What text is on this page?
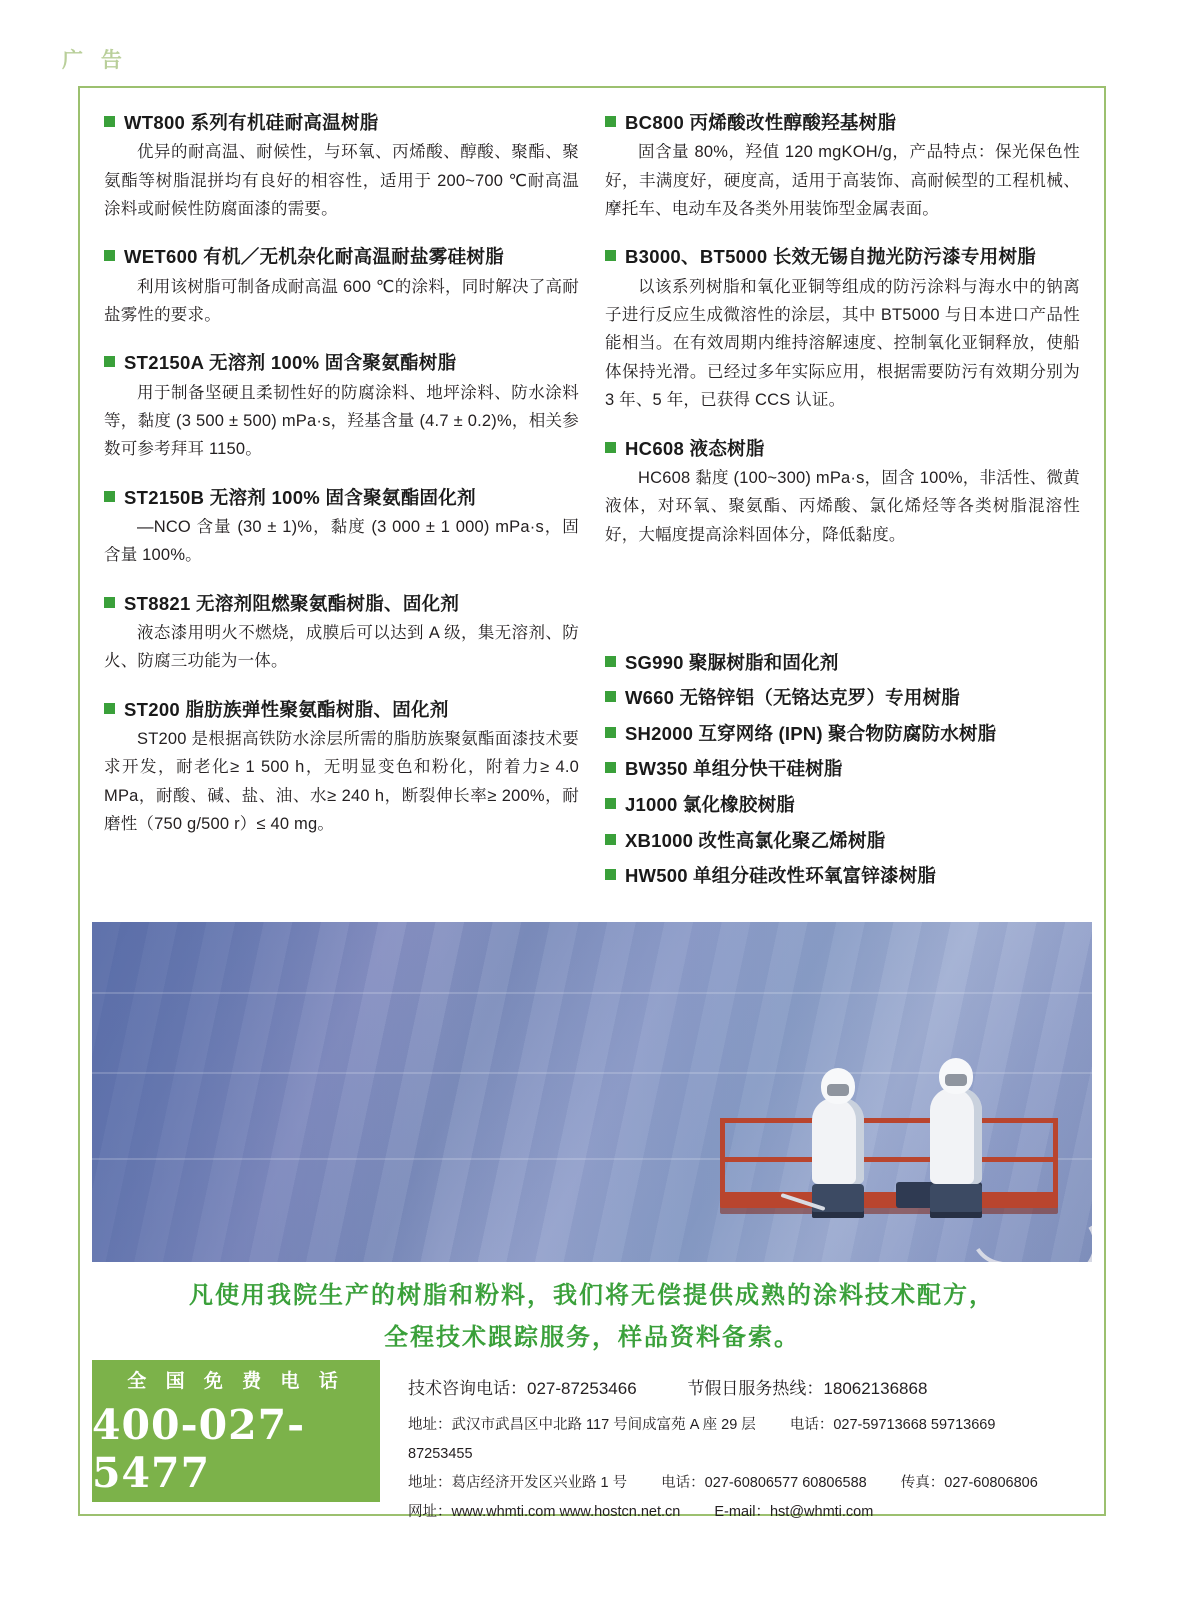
广 告
WT800 系列有机硅耐高温树脂
优异的耐高温、耐候性，与环氧、丙烯酸、醇酸、聚酯、聚氨酯等树脂混拼均有良好的相容性，适用于 200~700 ℃耐高温涂料或耐候性防腐面漆的需要。
WET600 有机／无机杂化耐高温耐盐雾硅树脂
利用该树脂可制备成耐高温 600 ℃的涂料，同时解决了高耐盐雾性的要求。
ST2150A 无溶剂 100% 固含聚氨酯树脂
用于制备坚硬且柔韧性好的防腐涂料、地坪涂料、防水涂料等，黏度 (3 500 ± 500) mPa·s，羟基含量 (4.7 ± 0.2)%，相关参数可参考拜耳 1150。
ST2150B 无溶剂 100% 固含聚氨酯固化剂
—NCO 含量 (30 ± 1)%，黏度 (3 000 ± 1 000) mPa·s，固含量 100%。
ST8821 无溶剂阻燃聚氨酯树脂、固化剂
液态漆用明火不燃烧，成膜后可以达到 A 级，集无溶剂、防火、防腐三功能为一体。
ST200 脂肪族弹性聚氨酯树脂、固化剂
ST200 是根据高铁防水涂层所需的脂肪族聚氨酯面漆技术要求开发，耐老化≥ 1 500 h，无明显变色和粉化，附着力≥ 4.0 MPa，耐酸、碱、盐、油、水≥ 240 h，断裂伸长率≥ 200%，耐磨性（750 g/500 r）≤ 40 mg。
BC800 丙烯酸改性醇酸羟基树脂
固含量 80%，羟值 120 mgKOH/g，产品特点：保光保色性好，丰满度好，硬度高，适用于高装饰、高耐候型的工程机械、摩托车、电动车及各类外用装饰型金属表面。
B3000、BT5000 长效无锡自抛光防污漆专用树脂
以该系列树脂和氧化亚铜等组成的防污涂料与海水中的钠离子进行反应生成微溶性的涂层，其中 BT5000 与日本进口产品性能相当。在有效周期内维持溶解速度、控制氧化亚铜释放，使船体保持光滑。已经过多年实际应用，根据需要防污有效期分别为 3 年、5 年，已获得 CCS 认证。
HC608 液态树脂
HC608 黏度 (100~300) mPa·s，固含 100%，非活性、微黄液体，对环氧、聚氨酯、丙烯酸、氯化烯烃等各类树脂混溶性好，大幅度提高涂料固体分，降低黏度。
SG990 聚脲树脂和固化剂
W660 无铬锌铝（无铬达克罗）专用树脂
SH2000 互穿网络 (IPN) 聚合物防腐防水树脂
BW350 单组分快干硅树脂
J1000 氯化橡胶树脂
XB1000 改性高氯化聚乙烯树脂
HW500 单组分硅改性环氧富锌漆树脂
凡使用我院生产的树脂和粉料，我们将无偿提供成熟的涂料技术配方，
全程技术跟踪服务，样品资料备索。
全 国 免 费 电 话
400-027-5477
技术咨询电话：027-87253466	节假日服务热线：18062136868
地址：武汉市武昌区中北路 117 号间成富苑 A 座 29 层 电话：027-59713668 59713669 87253455
地址：葛店经济开发区兴业路 1 号 电话：027-60806577 60806588 传真：027-60806806
网址：www.whmti.com www.hostcn.net.cn E-mail：hst@whmti.com
